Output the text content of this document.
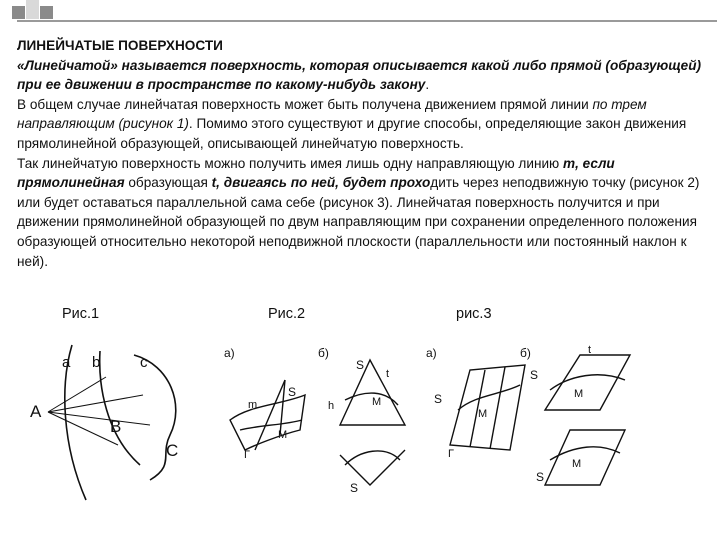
ЛИНЕЙЧАТЫЕ ПОВЕРХНОСТИ

«Линейчатой» называется поверхность, которая описывается какой либо прямой (образующей) при ее движении в пространстве по какому-нибудь закону.

В общем случае линейчатая поверхность может быть получена движением прямой линии по трем направляющим (рисунок 1). Помимо этого существуют и другие способы, определяющие закон движения прямолинейной образующей, описывающей линейчатую поверхность.

Так линейчатую поверхность можно получить имея лишь одну направляющую линию m, если прямолинейная образующая t, двигаясь по ней, будет проходить через неподвижную точку (рисунок 2) или будет оставаться параллельной сама себе (рисунок 3). Линейчатая поверхность получится и при движении прямолинейной образующей по двум направляющим при сохранении определенного положения образующей относительно некоторой неподвижной плоскости (параллельности или постоянный наклон к ней).

Рис.1	Рис.2	рис.3
A
B
C
a b	c
а)
S
m
M
Г
б)
S
t
M
h
S
а)
S
M
Г
б)
S
t
M
S
M
